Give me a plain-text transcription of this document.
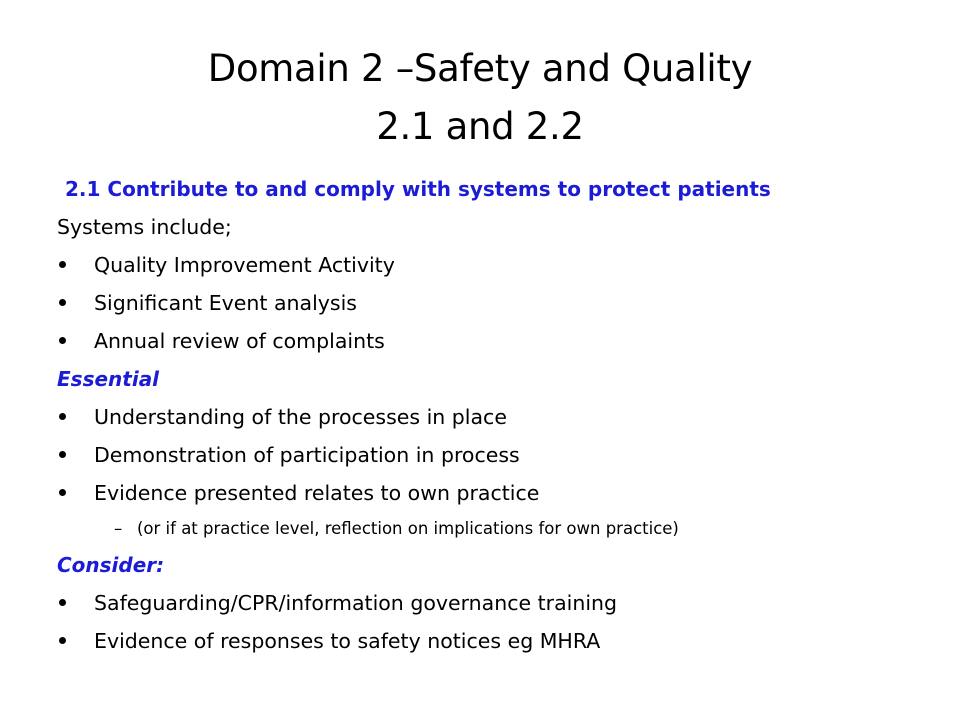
Domain 2 –Safety and Quality
2.1 and 2.2
2.1 Contribute to and comply with systems to protect patients
Systems include;
Quality Improvement Activity
Significant Event analysis
Annual review of complaints
Essential
Understanding of the processes in place
Demonstration of participation in process
Evidence presented relates to own practice
– (or if at practice level, reflection on implications for own practice)
Consider:
Safeguarding/CPR/information governance training
Evidence of responses to safety notices eg MHRA
